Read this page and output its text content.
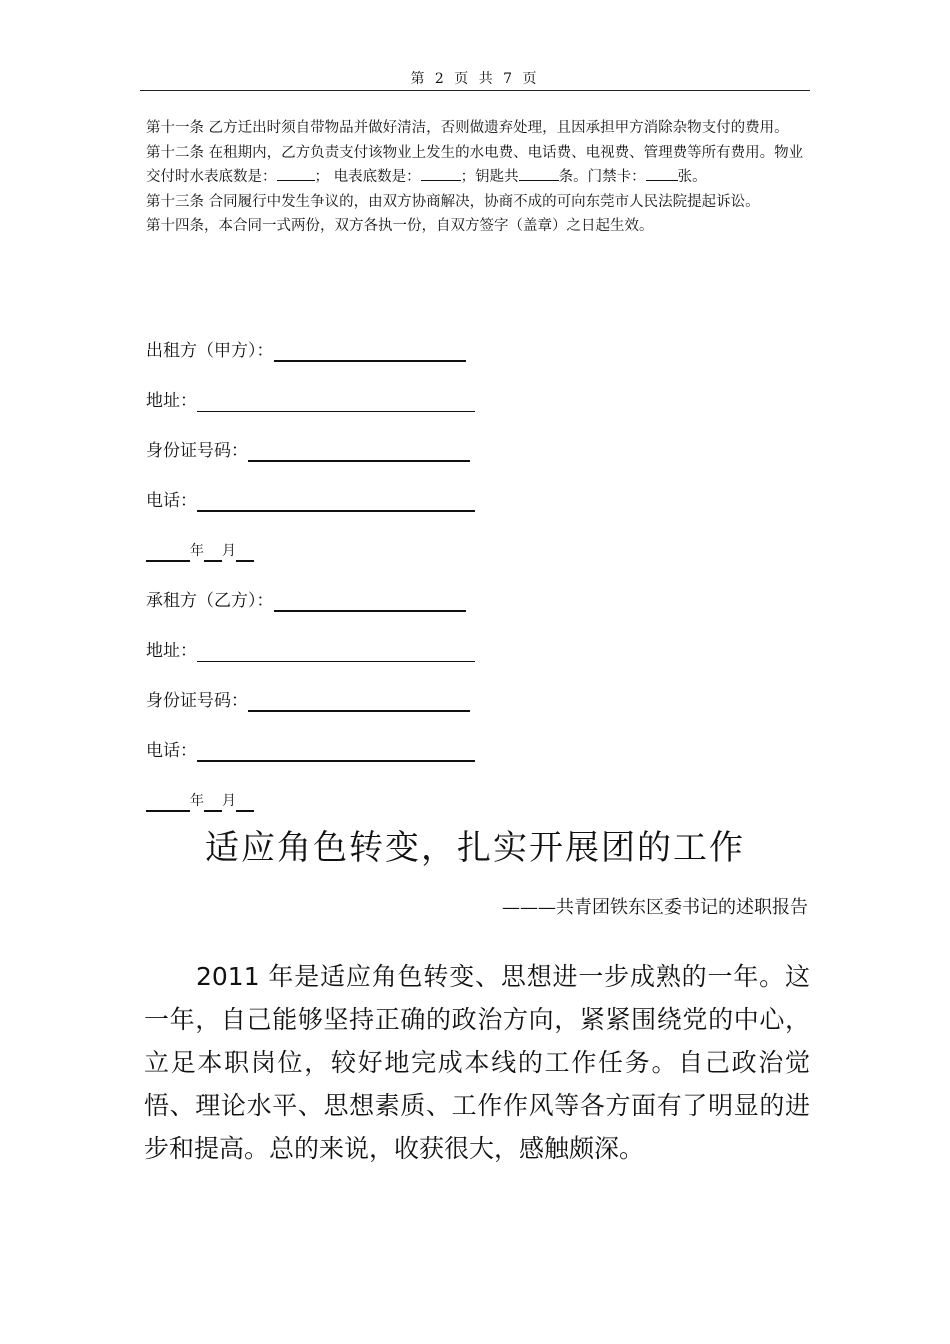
第 2 页 共 7 页

第十一条 乙方迁出时须自带物品并做好清洁，否则做遗弃处理，且因承担甲方消除杂物支付的费用。

第十二条 在租期内，乙方负责支付该物业上发生的水电费、电话费、电视费、管理费等所有费用。物业交付时水表底数是：	； 电表底数是：	；钥匙共	条。门禁卡： 张。

第十三条 合同履行中发生争议的，由双方协商解决，协商不成的可向东莞市人民法院提起诉讼。

第十四条，本合同一式两份，双方各执一份，自双方签字（盖章）之日起生效。

出租方（甲方）：
地址：
身份证号码：
电话：
年 月
承租方（乙方）：
地址：
身份证号码：
电话：
年 月
适应角色转变，扎实开展团的工作
———共青团铁东区委书记的述职报告

2011 年是适应角色转变、思想进一步成熟的一年。这一年，自己能够坚持正确的政治方向，紧紧围绕党的中心，立足本职岗位，较好地完成本线的工作任务。自己政治觉悟、理论水平、思想素质、工作作风等各方面有了明显的进步和提高。总的来说，收获很大，感触颇深。
